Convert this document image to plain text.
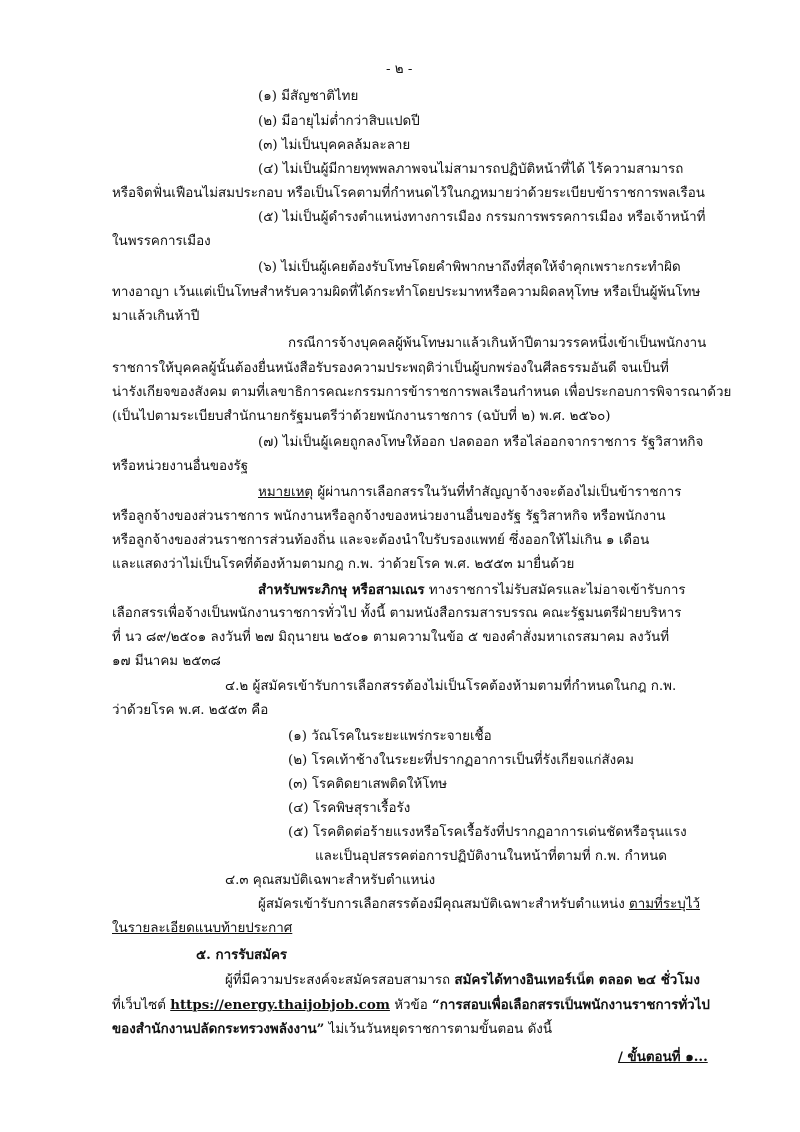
- ๒ -
(๑) มีสัญชาติไทย
(๒) มีอายุไม่ต่ำกว่าสิบแปดปี
(๓) ไม่เป็นบุคคลล้มละลาย
(๔) ไม่เป็นผู้มีกายทุพพลภาพจนไม่สามารถปฏิบัติหน้าที่ได้ ไร้ความสามารถ
หรือจิตฟั่นเฟือนไม่สมประกอบ หรือเป็นโรคตามที่กำหนดไว้ในกฎหมายว่าด้วยระเบียบข้าราชการพลเรือน
(๕) ไม่เป็นผู้ดำรงตำแหน่งทางการเมือง กรรมการพรรคการเมือง หรือเจ้าหน้าที่
ในพรรคการเมือง
(๖) ไม่เป็นผู้เคยต้องรับโทษโดยคำพิพากษาถึงที่สุดให้จำคุกเพราะกระทำผิด
ทางอาญา เว้นแต่เป็นโทษสำหรับความผิดที่ได้กระทำโดยประมาทหรือความผิดลหุโทษ หรือเป็นผู้พ้นโทษ
มาแล้วเกินห้าปี
กรณีการจ้างบุคคลผู้พ้นโทษมาแล้วเกินห้าปีตามวรรคหนึ่งเข้าเป็นพนักงาน
ราชการให้บุคคลผู้นั้นต้องยื่นหนังสือรับรองความประพฤติว่าเป็นผู้บกพร่องในศีลธรรมอันดี จนเป็นที่
น่ารังเกียจของสังคม ตามที่เลขาธิการคณะกรรมการข้าราชการพลเรือนกำหนด เพื่อประกอบการพิจารณาด้วย
(เป็นไปตามระเบียบสำนักนายกรัฐมนตรีว่าด้วยพนักงานราชการ (ฉบับที่ ๒) พ.ศ. ๒๕๖๐)
(๗) ไม่เป็นผู้เคยถูกลงโทษให้ออก ปลดออก หรือไล่ออกจากราชการ รัฐวิสาหกิจ
หรือหน่วยงานอื่นของรัฐ
หมายเหตุ ผู้ผ่านการเลือกสรรในวันที่ทำสัญญาจ้างจะต้องไม่เป็นข้าราชการ
หรือลูกจ้างของส่วนราชการ พนักงานหรือลูกจ้างของหน่วยงานอื่นของรัฐ รัฐวิสาหกิจ หรือพนักงาน
หรือลูกจ้างของส่วนราชการส่วนท้องถิ่น และจะต้องนำใบรับรองแพทย์ ซึ่งออกให้ไม่เกิน ๑ เดือน
และแสดงว่าไม่เป็นโรคที่ต้องห้ามตามกฎ ก.พ. ว่าด้วยโรค พ.ศ. ๒๕๕๓ มายื่นด้วย
สำหรับพระภิกษุ หรือสามเณร ทางราชการไม่รับสมัครและไม่อาจเข้ารับการ
เลือกสรรเพื่อจ้างเป็นพนักงานราชการทั่วไป ทั้งนี้ ตามหนังสือกรมสารบรรณ คณะรัฐมนตรีฝ่ายบริหาร
ที่ นว ๘๙/๒๕๐๑ ลงวันที่ ๒๗ มิถุนายน ๒๕๐๑ ตามความในข้อ ๕ ของคำสั่งมหาเถรสมาคม ลงวันที่
๑๗ มีนาคม ๒๕๓๘
๔.๒ ผู้สมัครเข้ารับการเลือกสรรต้องไม่เป็นโรคต้องห้ามตามที่กำหนดในกฎ ก.พ.
ว่าด้วยโรค พ.ศ. ๒๕๕๓ คือ
(๑) วัณโรคในระยะแพร่กระจายเชื้อ
(๒) โรคเท้าช้างในระยะที่ปรากฏอาการเป็นที่รังเกียจแก่สังคม
(๓) โรคติดยาเสพติดให้โทษ
(๔) โรคพิษสุราเรื้อรัง
(๕) โรคติดต่อร้ายแรงหรือโรคเรื้อรังที่ปรากฏอาการเด่นชัดหรือรุนแรง
และเป็นอุปสรรคต่อการปฏิบัติงานในหน้าที่ตามที่ ก.พ. กำหนด
๔.๓ คุณสมบัติเฉพาะสำหรับตำแหน่ง
ผู้สมัครเข้ารับการเลือกสรรต้องมีคุณสมบัติเฉพาะสำหรับตำแหน่ง ตามที่ระบุไว้
ในรายละเอียดแนบท้ายประกาศ
๕. การรับสมัคร
ผู้ที่มีความประสงค์จะสมัครสอบสามารถ สมัครได้ทางอินเทอร์เน็ต ตลอด ๒๔ ชั่วโมง
ที่เว็บไซต์ https://energy.thaijobjob.com หัวข้อ “การสอบเพื่อเลือกสรรเป็นพนักงานราชการทั่วไป
ของสำนักงานปลัดกระทรวงพลังงาน” ไม่เว้นวันหยุดราชการตามขั้นตอน ดังนี้
/ ขั้นตอนที่ ๑...
